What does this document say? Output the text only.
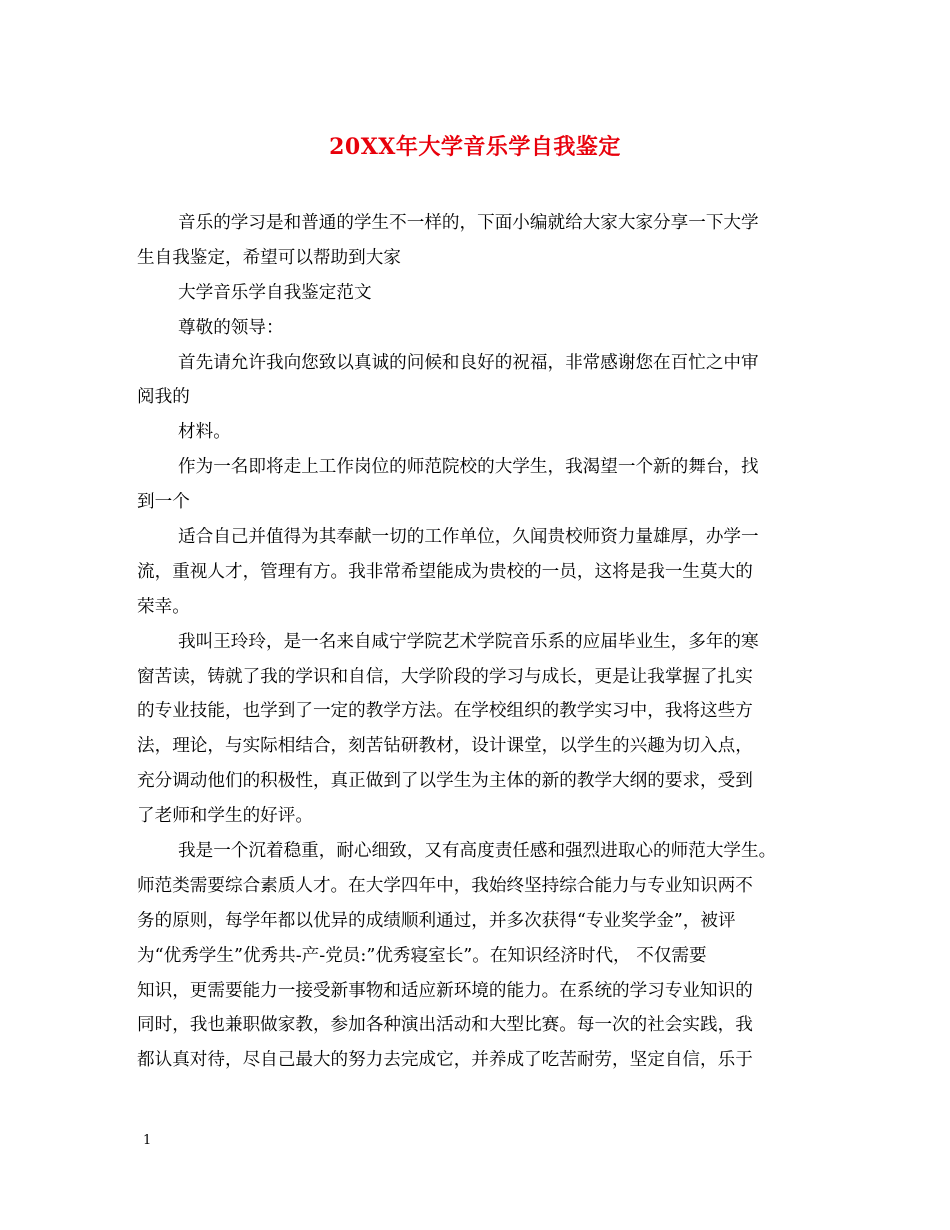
20XX年大学音乐学自我鉴定
音乐的学习是和普通的学生不一样的，下面小编就给大家大家分享一下大学
生自我鉴定，希望可以帮助到大家
大学音乐学自我鉴定范文
尊敬的领导：
首先请允许我向您致以真诚的问候和良好的祝福，非常感谢您在百忙之中审
阅我的
材料。
作为一名即将走上工作岗位的师范院校的大学生，我渴望一个新的舞台，找
到一个
适合自己并值得为其奉献一切的工作单位，久闻贵校师资力量雄厚，办学一
流，重视人才，管理有方。我非常希望能成为贵校的一员，这将是我一生莫大的
荣幸。
我叫王玲玲，是一名来自咸宁学院艺术学院音乐系的应届毕业生，多年的寒
窗苦读，铸就了我的学识和自信，大学阶段的学习与成长，更是让我掌握了扎实
的专业技能，也学到了一定的教学方法。在学校组织的教学实习中，我将这些方
法，理论，与实际相结合，刻苦钻研教材，设计课堂，以学生的兴趣为切入点，
充分调动他们的积极性，真正做到了以学生为主体的新的教学大纲的要求，受到
了老师和学生的好评。
我是一个沉着稳重，耐心细致，又有高度责任感和强烈进取心的师范大学生。
师范类需要综合素质人才。在大学四年中，我始终坚持综合能力与专业知识两不
务的原则，每学年都以优异的成绩顺利通过，并多次获得“专业奖学金”，被评
为“优秀学生”优秀共-产-党员:”优秀寝室长”。在知识经济时代， 不仅需要
知识，更需要能力一接受新事物和适应新环境的能力。在系统的学习专业知识的
同时，我也兼职做家教，参加各种演出活动和大型比赛。每一次的社会实践，我
都认真对待，尽自己最大的努力去完成它，并养成了吃苦耐劳，坚定自信，乐于
1
